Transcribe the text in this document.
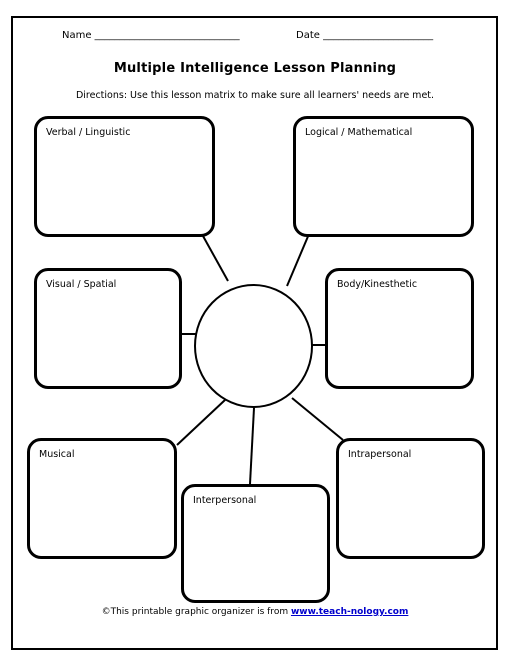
Name _____________________________	Date ______________________
Multiple Intelligence Lesson Planning
Directions: Use this lesson matrix to make sure all learners' needs are met.
Verbal / Linguistic	Logical / Mathematical
Visual / Spatial	Body/Kinesthetic
Musical	Intrapersonal
Interpersonal
©This printable graphic organizer is from www.teach-nology.com
